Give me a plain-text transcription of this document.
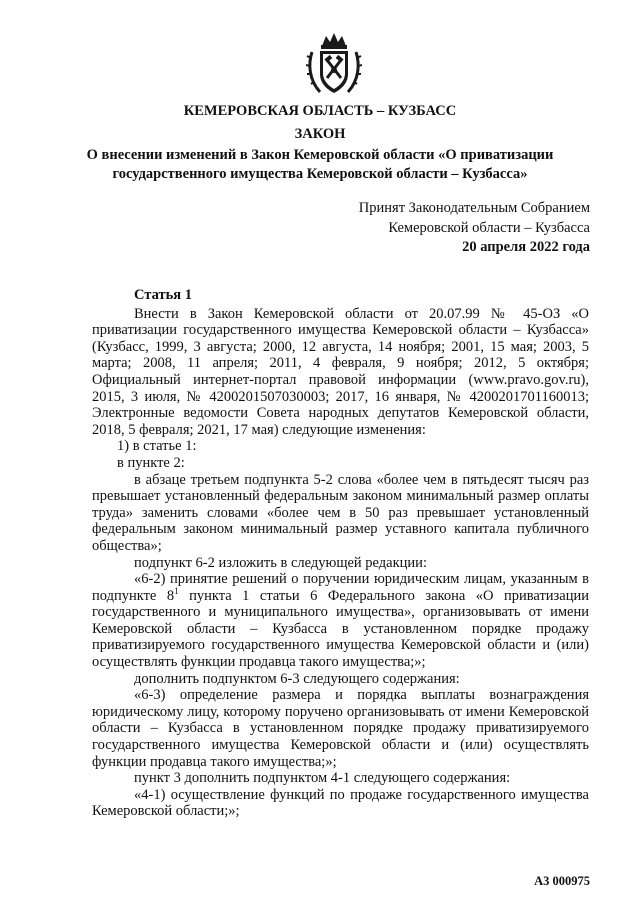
КЕМЕРОВСКАЯ ОБЛАСТЬ – КУЗБАСС
ЗАКОН
О внесении изменений в Закон Кемеровской области «О приватизации
государственного имущества Кемеровской области – Кузбасса»
Принят Законодательным Собранием
Кемеровской области – Кузбасса
20 апреля 2022 года

Статья 1

Внести в Закон Кемеровской области от 20.07.99 № 45-ОЗ «О приватизации государственного имущества Кемеровской области – Кузбасса» (Кузбасс, 1999, 3 августа; 2000, 12 августа, 14 ноября; 2001, 15 мая; 2003, 5 марта; 2008, 11 апреля; 2011, 4 февраля, 9 ноября; 2012, 5 октября; Официальный интернет-портал правовой информации (www.pravo.gov.ru), 2015, 3 июля, № 4200201507030003; 2017, 16 января, № 4200201701160013; Электронные ведомости Совета народных депутатов Кемеровской области, 2018, 5 февраля; 2021, 17 мая) следующие изменения:

1) в статье 1:

в пункте 2:

в абзаце третьем подпункта 5-2 слова «более чем в пятьдесят тысяч раз превышает установленный федеральным законом минимальный размер оплаты труда» заменить словами «более чем в 50 раз превышает установленный федеральным законом минимальный размер уставного капитала публичного общества»;

подпункт 6-2 изложить в следующей редакции:

«6-2) принятие решений о поручении юридическим лицам, указанным в подпункте $8^1$ пункта 1 статьи 6 Федерального закона «О приватизации государственного и муниципального имущества», организовывать от имени Кемеровской области – Кузбасса в установленном порядке продажу приватизируемого государственного имущества Кемеровской области и (или) осуществлять функции продавца такого имущества;»;

дополнить подпунктом 6-3 следующего содержания:

«6-3) определение размера и порядка выплаты вознаграждения юридическому лицу, которому поручено организовывать от имени Кемеровской области – Кузбасса в установленном порядке продажу приватизируемого государственного имущества Кемеровской области и (или) осуществлять функции продавца такого имущества;»;

пункт 3 дополнить подпунктом 4-1 следующего содержания:

«4-1) осуществление функций по продаже государственного имущества Кемеровской области;»;

А3 000975
